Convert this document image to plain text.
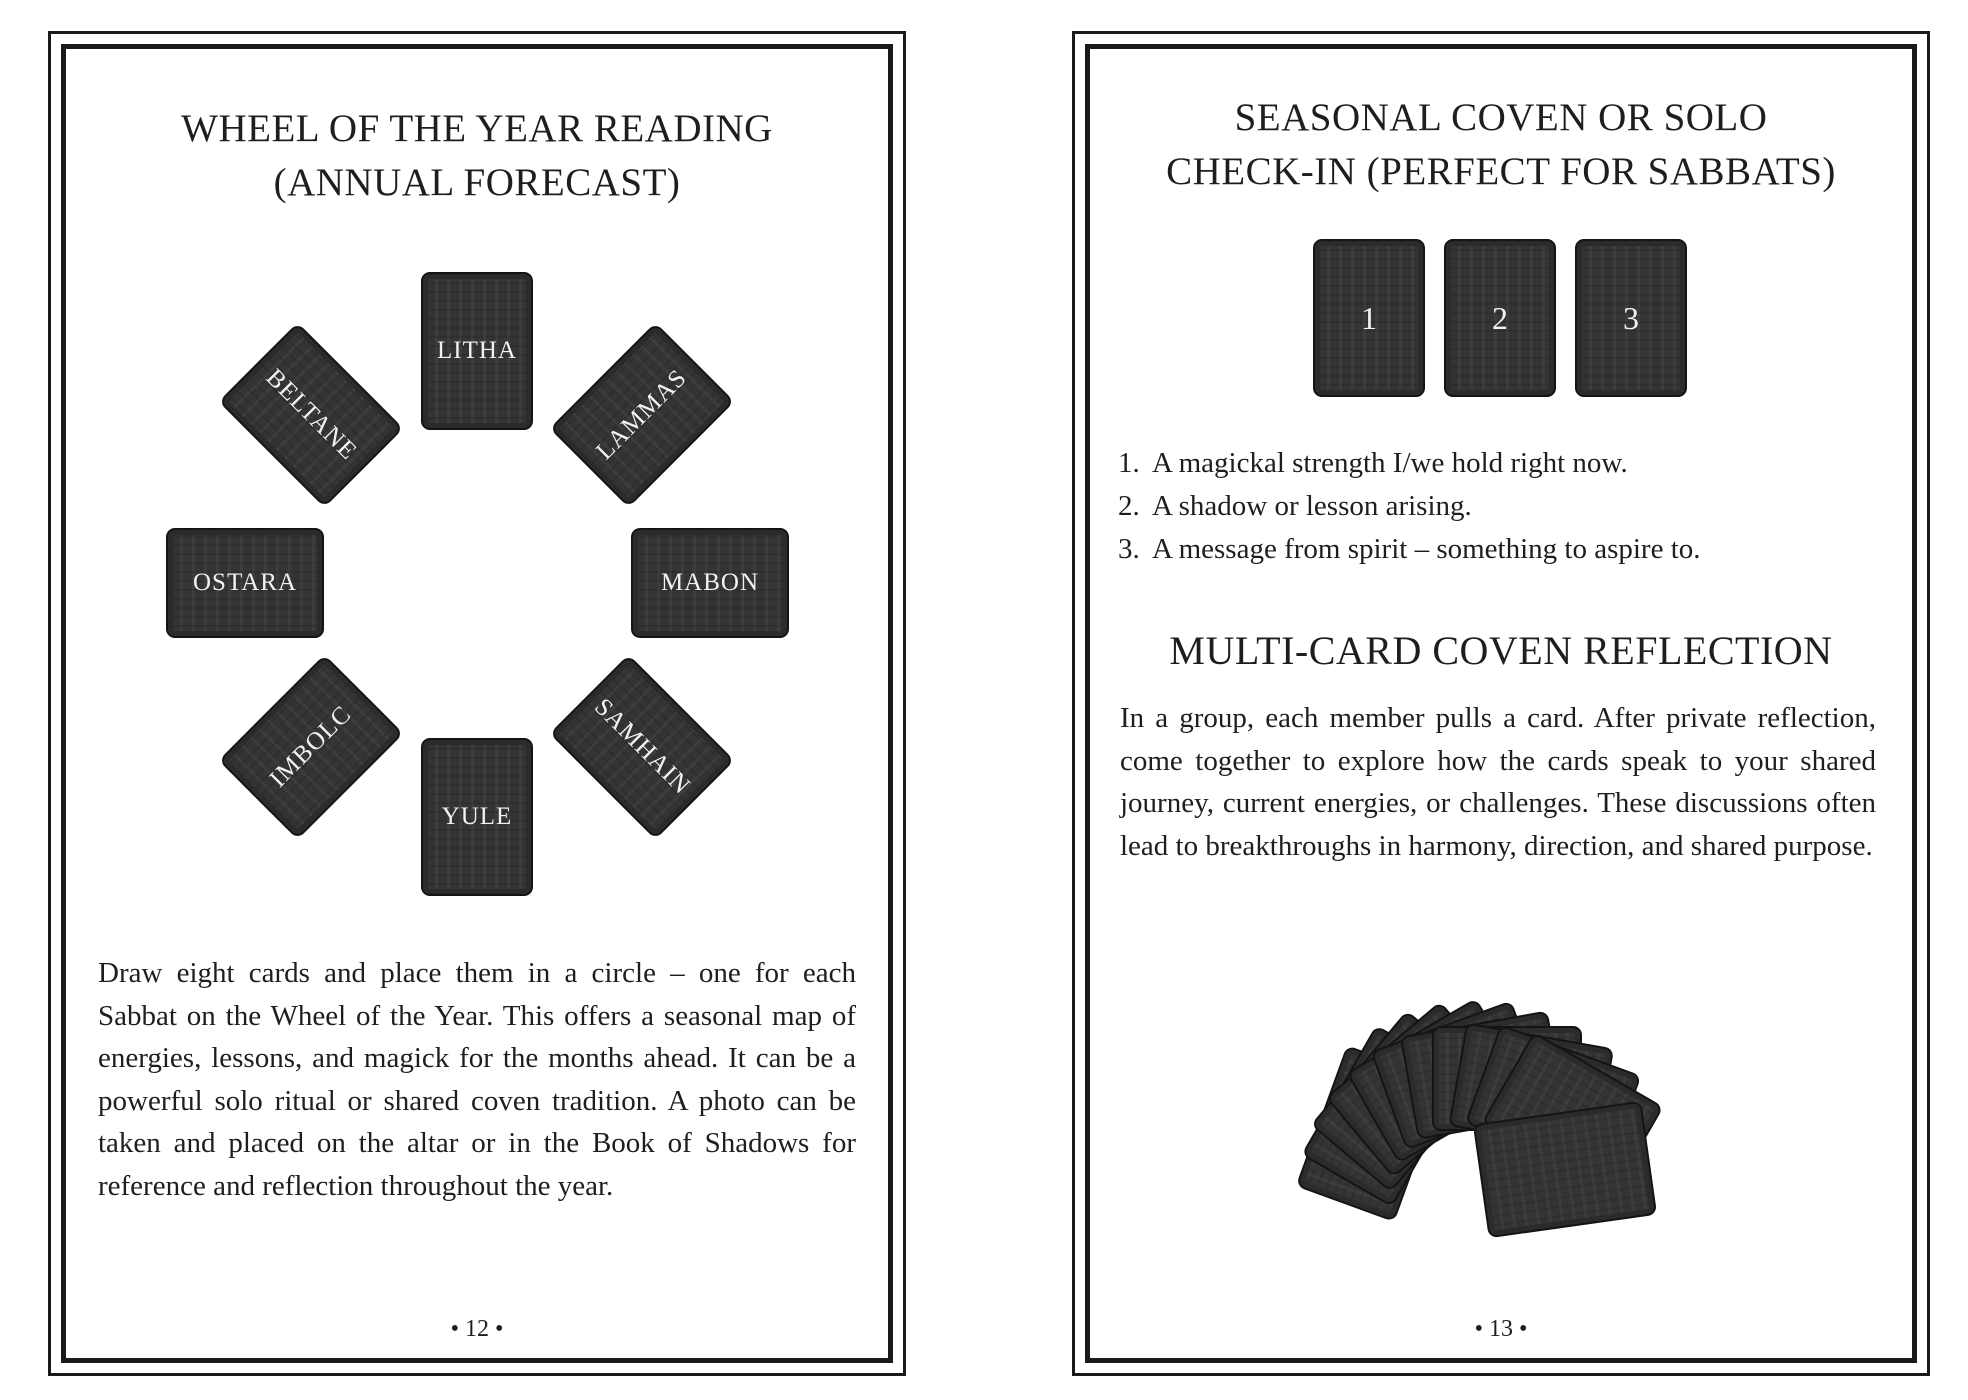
WHEEL OF THE YEAR READING
(ANNUAL FORECAST)
• 12 •
LITHA
LAMMAS
MABON
SAMHAIN
YULE
IMBOLC
OSTARA
BELTANE

Draw eight cards and place them in a circle – one for each Sabbat on the Wheel of the Year. This offers a seasonal map of energies, lessons, and magick for the months ahead. It can be a powerful solo ritual or shared coven tradition. A photo can be taken and placed on the altar or in the Book of Shadows for reference and reflection throughout the year.

SEASONAL COVEN OR SOLO
CHECK-IN (PERFECT FOR SABBATS)
• 13 •
1	2	3
1. A magickal strength I/we hold right now.
2. A shadow or lesson arising.
3. A message from spirit – something to aspire to.
MULTI-CARD COVEN REFLECTION

In a group, each member pulls a card. After private reflection, come together to explore how the cards speak to your shared journey, current energies, or challenges. These discussions often lead to breakthroughs in harmony, direction, and shared purpose.
